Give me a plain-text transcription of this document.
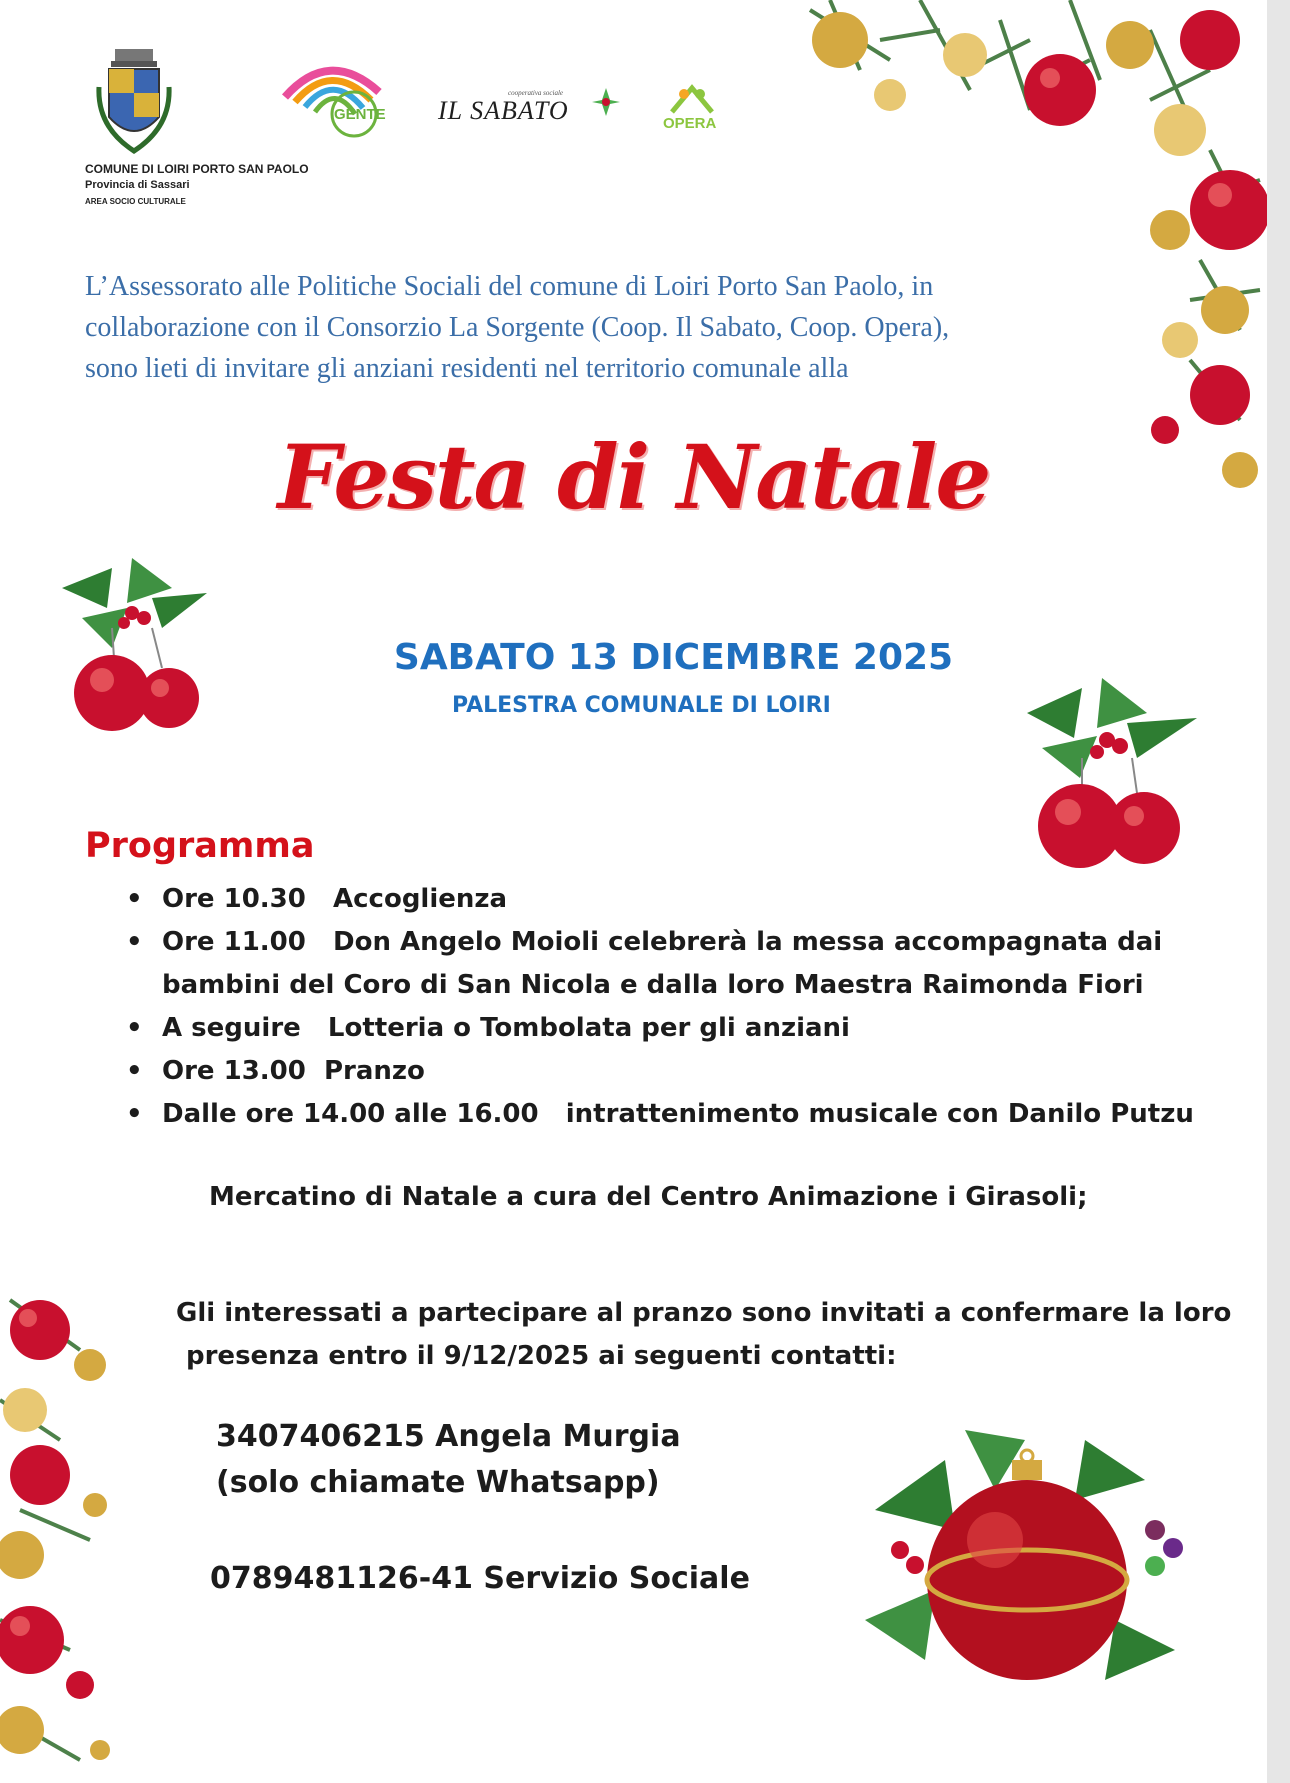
COMUNE DI LOIRI PORTO SAN PAOLO
Provincia di Sassari
AREA SOCIO CULTURALE
GENTE
cooperativa sociale
IL SABATO	OPERA
L’Assessorato alle Politiche Sociali del comune di Loiri Porto San Paolo, in
collaborazione con il Consorzio La Sorgente (Coop. Il Sabato, Coop. Opera),
sono lieti di invitare gli anziani residenti nel territorio comunale alla
Festa di Natale
SABATO 13 DICEMBRE 2025
PALESTRA COMUNALE DI LOIRI
Programma
• Ore 10.30   Accoglienza
• Ore 11.00   Don Angelo Moioli celebrerà la messa accompagnata dai
bambini del Coro di San Nicola e dalla loro Maestra Raimonda Fiori
• A seguire   Lotteria o Tombolata per gli anziani
• Ore 13.00  Pranzo
• Dalle ore 14.00 alle 16.00   intrattenimento musicale con Danilo Putzu
Mercatino di Natale a cura del Centro Animazione i Girasoli;
Gli interessati a partecipare al pranzo sono invitati a confermare la loro
presenza entro il 9/12/2025 ai seguenti contatti:
3407406215 Angela Murgia
(solo chiamate Whatsapp)
0789481126-41 Servizio Sociale
